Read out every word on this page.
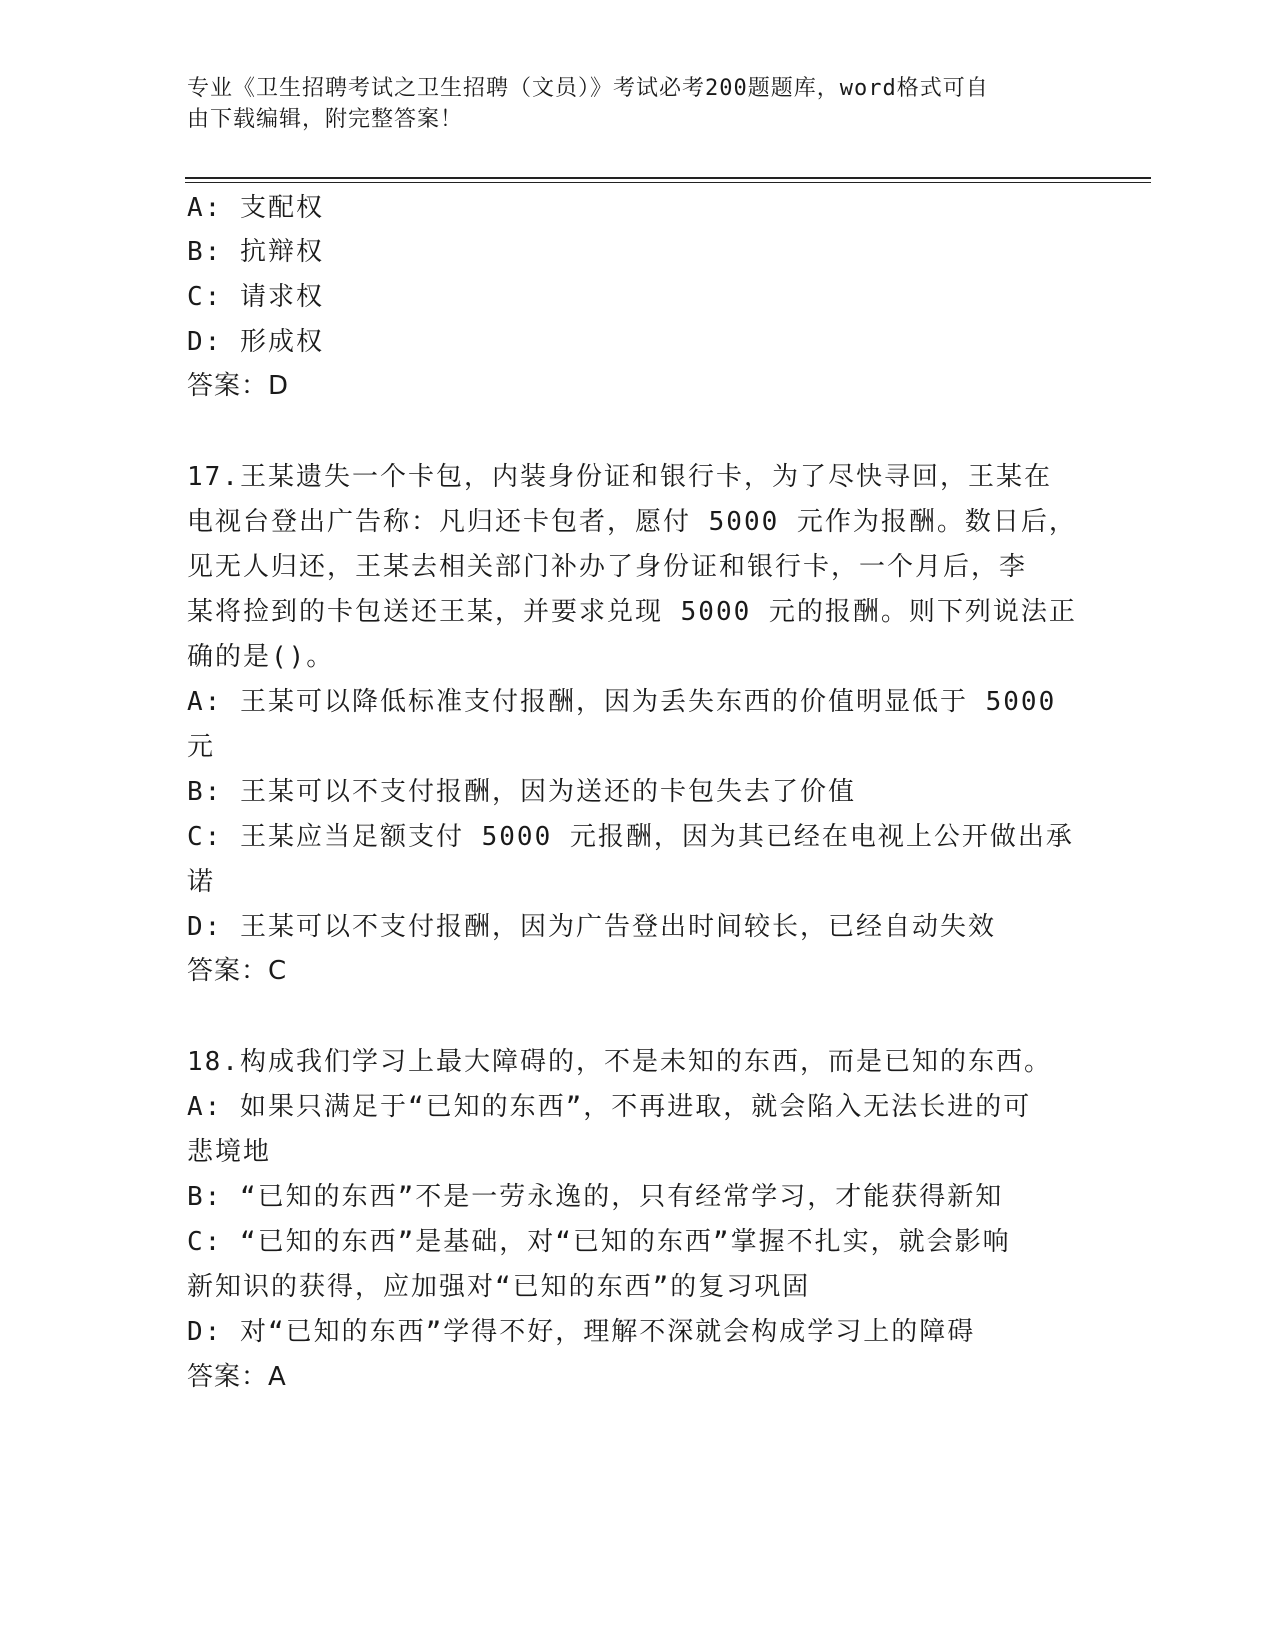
专业《卫生招聘考试之卫生招聘（文员）》考试必考200题题库，word格式可自
由下载编辑，附完整答案！
A: 支配权
B: 抗辩权
C: 请求权
D: 形成权
答案：D
17.王某遗失一个卡包，内装身份证和银行卡，为了尽快寻回，王某在
电视台登出广告称：凡归还卡包者，愿付 5000 元作为报酬。数日后，
见无人归还，王某去相关部门补办了身份证和银行卡，一个月后，李
某将捡到的卡包送还王某，并要求兑现 5000 元的报酬。则下列说法正
确的是()。
A: 王某可以降低标准支付报酬，因为丢失东西的价值明显低于 5000
元
B: 王某可以不支付报酬，因为送还的卡包失去了价值
C: 王某应当足额支付 5000 元报酬，因为其已经在电视上公开做出承
诺
D: 王某可以不支付报酬，因为广告登出时间较长，已经自动失效
答案：C
18.构成我们学习上最大障碍的，不是未知的东西，而是已知的东西。
A: 如果只满足于“已知的东西”，不再进取，就会陷入无法长进的可
悲境地
B: “已知的东西”不是一劳永逸的，只有经常学习，才能获得新知
C: “已知的东西”是基础，对“已知的东西”掌握不扎实，就会影响
新知识的获得，应加强对“已知的东西”的复习巩固
D: 对“已知的东西”学得不好，理解不深就会构成学习上的障碍
答案：A
